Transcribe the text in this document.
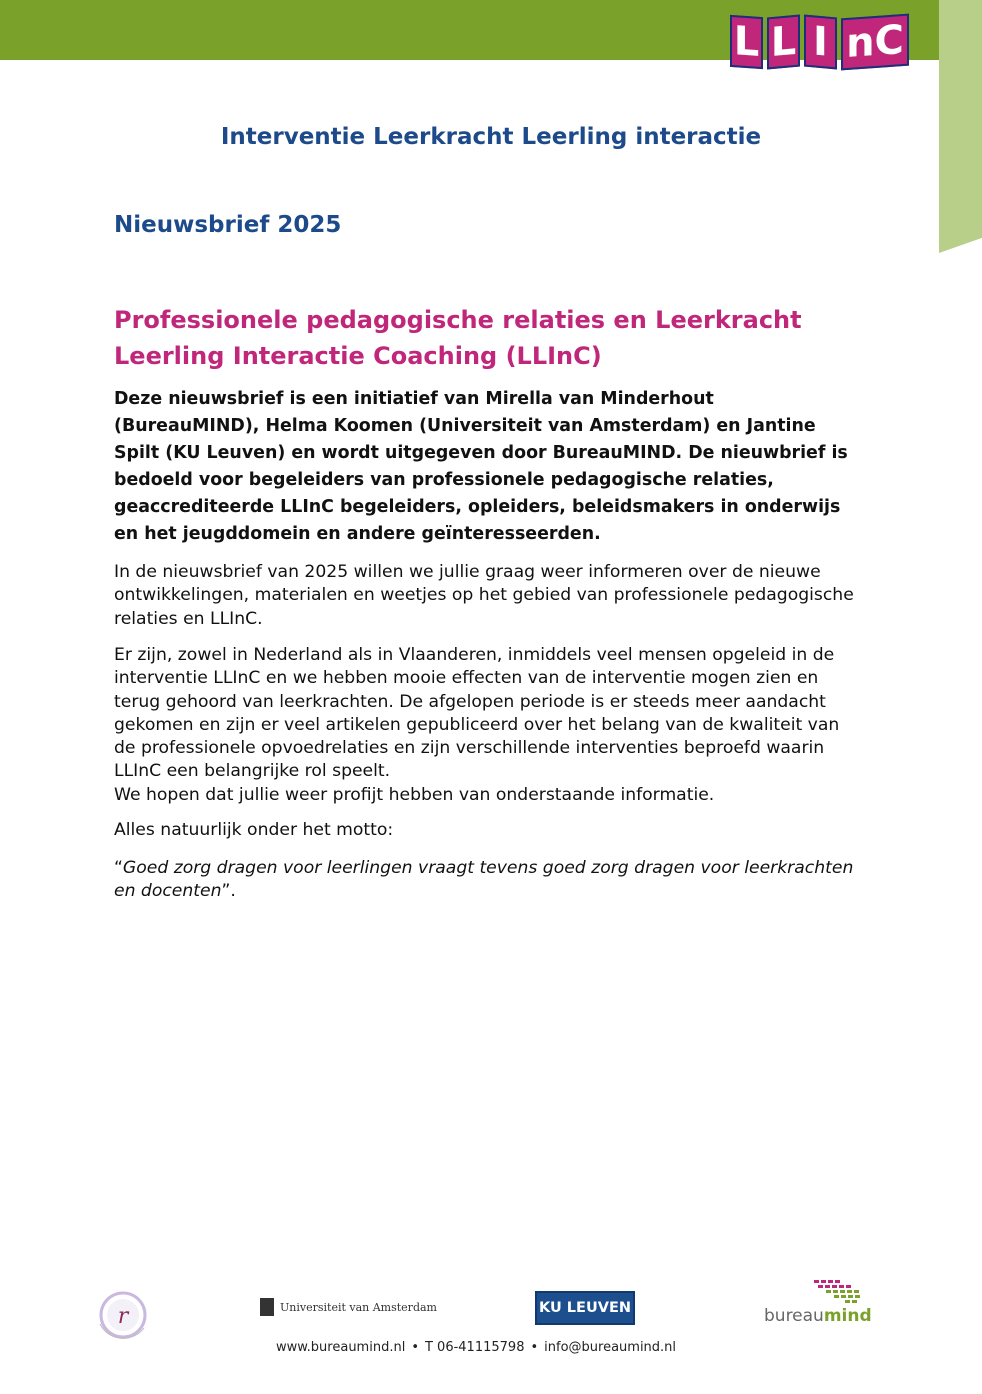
L L I nC
Interventie Leerkracht Leerling interactie
Nieuwsbrief 2025
Professionele pedagogische relaties en Leerkracht Leerling Interactie Coaching (LLInC)
Deze nieuwsbrief is een initiatief van Mirella van Minderhout (BureauMIND), Helma Koomen (Universiteit van Amsterdam) en Jantine Spilt (KU Leuven) en wordt uitgegeven door BureauMIND. De nieuwbrief is bedoeld voor begeleiders van professionele pedagogische relaties, geaccrediteerde LLInC begeleiders, opleiders, beleidsmakers in onderwijs en het jeugddomein en andere geïnteresseerden.
In de nieuwsbrief van 2025 willen we jullie graag weer informeren over de nieuwe ontwikkelingen, materialen en weetjes op het gebied van professionele pedagogische relaties en LLInC.
Er zijn, zowel in Nederland als in Vlaanderen, inmiddels veel mensen opgeleid in de interventie LLInC en we hebben mooie effecten van de interventie mogen zien en terug gehoord van leerkrachten. De afgelopen periode is er steeds meer aandacht gekomen en zijn er veel artikelen gepubliceerd over het belang van de kwaliteit van de professionele opvoedrelaties en zijn verschillende interventies beproefd waarin LLInC een belangrijke rol speelt.
We hopen dat jullie weer profijt hebben van onderstaande informatie.
Alles natuurlijk onder het motto:
“Goed zorg dragen voor leerlingen vraagt tevens goed zorg dragen voor leerkrachten en docenten”.
r	Universiteit van Amsterdam	KU LEUVEN	bureaumind
www.bureaumind.nl • T 06-41115798 • info@bureaumind.nl
